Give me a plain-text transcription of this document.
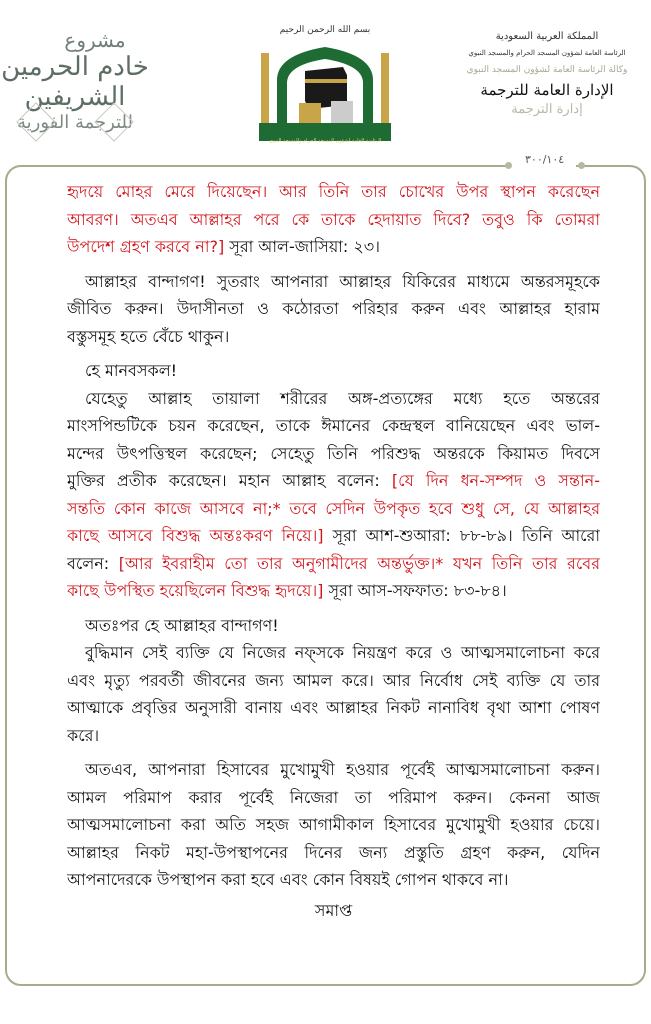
مشروع
خادم الحرمين الشريفين
للترجمة الفورية
بسم الله الرحمن الرحيم
الرئاسة العامة لشؤون المسجد الحرام والمسجد النبوي
المملكة العربية السعودية
الرئاسة العامة لشؤون المسجد الحرام والمسجد النبوي
وكالة الرئاسة العامة لشؤون المسجد النبوي
الإدارة العامة للترجمة
إدارة الترجمة
٣٠٠/١٠٤
হৃদয়ে মোহর মেরে দিয়েছেন। আর তিনি তার চোখের উপর স্থাপন করেছেন
আবরণ। অতএব আল্লাহর পরে কে তাকে হেদায়াত দিবে? তবুও কি তোমরা
উপদেশ গ্রহণ করবে না?] সূরা আল-জাসিয়া: ২৩।
আল্লাহর বান্দাগণ! সুতরাং আপনারা আল্লাহর যিকিরের মাধ্যমে অন্তরসমূহকে
জীবিত করুন। উদাসীনতা ও কঠোরতা পরিহার করুন এবং আল্লাহর হারাম
বস্তুসমূহ হতে বেঁচে থাকুন।
হে মানবসকল!
যেহেতু আল্লাহ তায়ালা শরীরের অঙ্গ-প্রত্যঙ্গের মধ্যে হতে অন্তরের
মাংসপিন্ডটিকে চয়ন করেছেন, তাকে ঈমানের কেন্দ্রস্থল বানিয়েছেন এবং ভাল-
মন্দের উৎপত্তিস্থল করেছেন; সেহেতু তিনি পরিশুদ্ধ অন্তরকে কিয়ামত দিবসে
মুক্তির প্রতীক করেছেন। মহান আল্লাহ বলেন: [যে দিন ধন-সম্পদ ও সন্তান-
সন্ততি কোন কাজে আসবে না;* তবে সেদিন উপকৃত হবে শুধু সে, যে আল্লাহর
কাছে আসবে বিশুদ্ধ অন্তঃকরণ নিয়ে।] সূরা আশ-শুআরা: ৮৮-৮৯। তিনি আরো
বলেন: [আর ইবরাহীম তো তার অনুগামীদের অন্তর্ভুক্ত।* যখন তিনি তার রবের
কাছে উপস্থিত হয়েছিলেন বিশুদ্ধ হৃদয়ে।] সূরা আস-সফফাত: ৮৩-৮৪।
অতঃপর হে আল্লাহর বান্দাগণ!
বুদ্ধিমান সেই ব্যক্তি যে নিজের নফ্সকে নিয়ন্ত্রণ করে ও আত্মসমালোচনা করে
এবং মৃত্যু পরবর্তী জীবনের জন্য আমল করে। আর নির্বোধ সেই ব্যক্তি যে তার
আত্মাকে প্রবৃত্তির অনুসারী বানায় এবং আল্লাহর নিকট নানাবিধ বৃথা আশা পোষণ
করে।
অতএব, আপনারা হিসাবের মুখোমুখী হওয়ার পূর্বেই আত্মসমালোচনা করুন।
আমল পরিমাপ করার পূর্বেই নিজেরা তা পরিমাপ করুন। কেননা আজ
আত্মসমালোচনা করা অতি সহজ আগামীকাল হিসাবের মুখোমুখী হওয়ার চেয়ে।
আল্লাহর নিকট মহা-উপস্থাপনের দিনের জন্য প্রস্তুতি গ্রহণ করুন, যেদিন
আপনাদেরকে উপস্থাপন করা হবে এবং কোন বিষয়ই গোপন থাকবে না।
সমাপ্ত
